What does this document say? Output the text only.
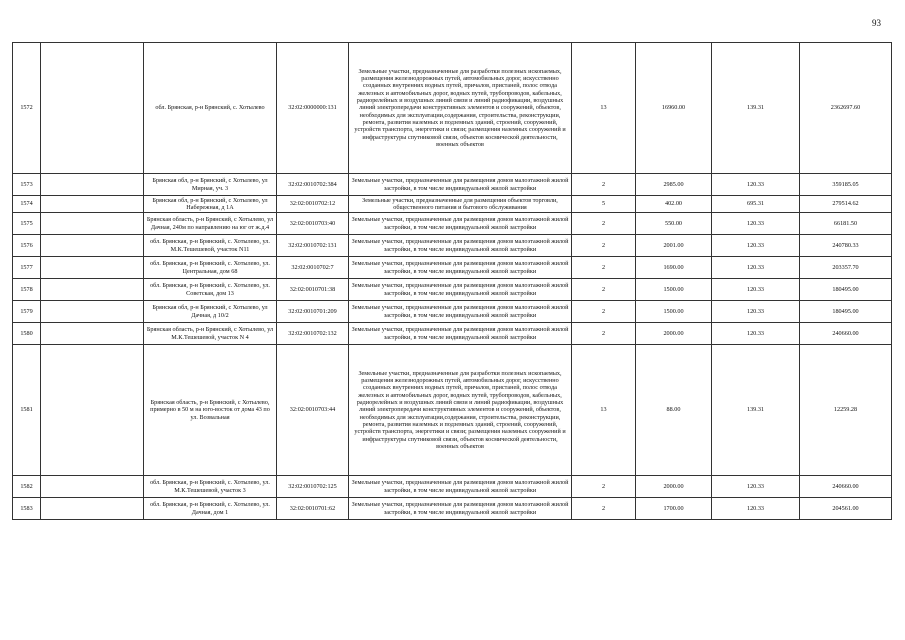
93
1572		обл. Брянская, р-н Брянский, с. Хотылево	32:02:0000000:131	Земельные участки, предназначенные для разработки полезных ископаемых, размещения железнодорожных путей, автомобильных дорог, искусственно созданных внутренних водных путей, причалов, пристаней, полос отвода железных и автомобильных дорог, водных путей, трубопроводов, кабельных, радиорелейных и воздушных линий связи и линий радиофикации, воздушных линий электропередачи конструктивных элементов и сооружений, объектов, необходимых для эксплуатации,содержания, строительства, реконструкции, ремонта, развития наземных и подземных зданий, строений, сооружений, устройств транспорта, энергетики и связи; размещения наземных сооружений и инфраструктуры спутниковой связи, объектов космической деятельности, военных объектов	13	16960.00	139.31	2362697.60
1573		Брянская обл, р-н Брянский, с Хотылево, ул Мирная, уч. 3	32:02:0010702:384	Земельные участки, предназначенные для размещения домов малоэтажной жилой застройки, в том числе индивидуальной жилой застройки	2	2985.00	120.33	359185.05
1574		Брянская обл, р-н Брянский, с Хотылево, ул Набережная, д 1А	32:02:0010702:12	Земельные участки, предназначенные для размещения объектов торговли, общественного питания и бытового обслуживания	5	402.00	695.31	279514.62
1575		Брянская область, р-н Брянский, с Хотылево, ул Дачная, 240м по направлению на юг от ж.д.4	32:02:0010703:40	Земельные участки, предназначенные для размещения домов малоэтажной жилой застройки, в том числе индивидуальной жилой застройки	2	550.00	120.33	66181.50
1576		обл. Брянская, р-н Брянский, с. Хотылево, ул. М.К.Тешешевой, участок N11	32:02:0010702:131	Земельные участки, предназначенные для размещения домов малоэтажной жилой застройки, в том числе индивидуальной жилой застройки	2	2001.00	120.33	240780.33
1577		обл. Брянская, р-н Брянский, с. Хотылево, ул. Центральная, дом 68	32:02:0010702:7	Земельные участки, предназначенные для размещения домов малоэтажной жилой застройки, в том числе индивидуальной жилой застройки	2	1690.00	120.33	203357.70
1578		обл. Брянская, р-н Брянский, с. Хотылево, ул. Советская, дом 13	32:02:0010701:38	Земельные участки, предназначенные для размещения домов малоэтажной жилой застройки, в том числе индивидуальной жилой застройки	2	1500.00	120.33	180495.00
1579		Брянская обл, р-н Брянский, с Хотылево, ул Дачная, д 10/2	32:02:0010701:209	Земельные участки, предназначенные для размещения домов малоэтажной жилой застройки, в том числе индивидуальной жилой застройки	2	1500.00	120.33	180495.00
1580		Брянская область, р-н Брянский, с Хотылево, ул М.К.Тешешевой, участок N 4	32:02:0010702:132	Земельные участки, предназначенные для размещения домов малоэтажной жилой застройки, в том числе индивидуальной жилой застройки	2	2000.00	120.33	240660.00
1581		Брянская область, р-н Брянский, с Хотылево, примерно в 50 м на юго-восток от дома 43 по ул. Возвальная	32:02:0010703:44	Земельные участки, предназначенные для разработки полезных ископаемых, размещения железнодорожных путей, автомобильных дорог, искусственно созданных внутренних водных путей, причалов, пристаней, полос отвода железных и автомобильных дорог, водных путей, трубопроводов, кабельных, радиорелейных и воздушных линий связи и линий радиофикации, воздушных линий электропередачи конструктивных элементов и сооружений, объектов, необходимых для эксплуатации,содержания, строительства, реконструкции, ремонта, развития наземных и подземных зданий, строений, сооружений, устройств транспорта, энергетики и связи; размещения наземных сооружений и инфраструктуры спутниковой связи, объектов космической деятельности, военных объектов	13	88.00	139.31	12259.28
1582		обл. Брянская, р-н Брянский, с. Хотылево, ул. М.К.Тешешевой, участок 3	32:02:0010702:125	Земельные участки, предназначенные для размещения домов малоэтажной жилой застройки, в том числе индивидуальной жилой застройки	2	2000.00	120.33	240660.00
1583		обл. Брянская, р-н Брянский, с. Хотылево, ул. Дачная, дом 1	32:02:0010701:62	Земельные участки, предназначенные для размещения домов малоэтажной жилой застройки, в том числе индивидуальной жилой застройки	2	1700.00	120.33	204561.00
